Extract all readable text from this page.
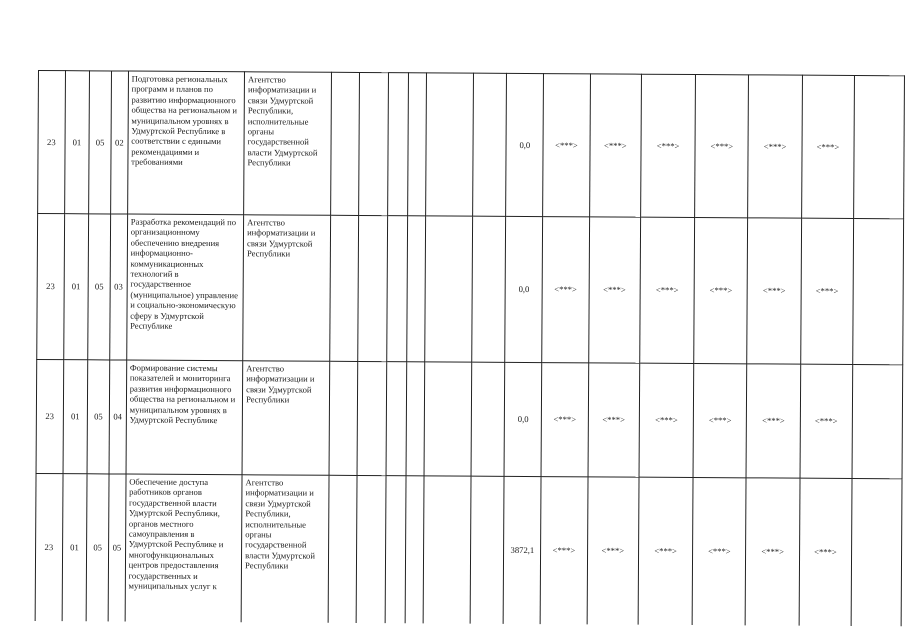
23	01	05	02	Подготовка региональных программ и планов по развитию информационного общества на региональном и муниципальном уровнях в Удмуртской Республике в соответствии с едиными рекомендациями и требованиями	Агентство информатизации и связи Удмуртской Республики, исполнительные органы государственной власти Удмуртской Республики							0,0	<***>	<***>	<***>	<***>	<***>	<***>	
23	01	05	03	Разработка рекомендаций по организационному обеспечению внедрения информационно-коммуникационных технологий в государственное (муниципальное) управление и социально-экономическую сферу в Удмуртской Республике	Агентство информатизации и связи Удмуртской Республики							0,0	<***>	<***>	<***>	<***>	<***>	<***>	
23	01	05	04	Формирование системы показателей и мониторинга развития информационного общества на региональном и муниципальном уровнях в Удмуртской Республике	Агентство информатизации и связи Удмуртской Республики							0,0	<***>	<***>	<***>	<***>	<***>	<***>	
23	01	05	05	Обеспечение доступа работников органов государственной власти Удмуртской Республики, органов местного самоуправления в Удмуртской Республике и многофункциональных центров предоставления государственных и муниципальных услуг к	Агентство информатизации и связи Удмуртской Республики, исполнительные органы государственной власти Удмуртской Республики							3872,1	<***>	<***>	<***>	<***>	<***>	<***>	
